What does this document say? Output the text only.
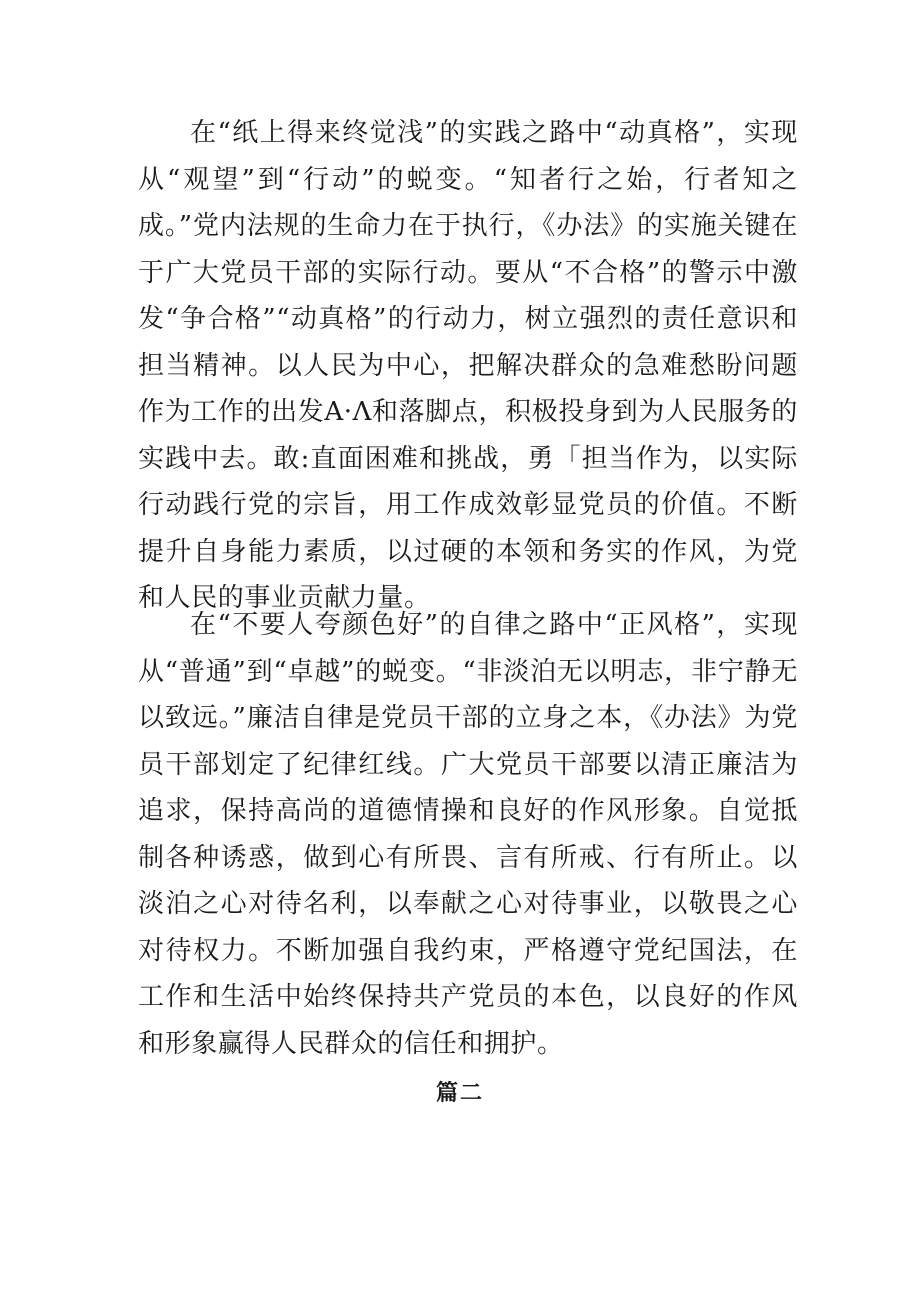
在“纸上得来终觉浅”的实践之路中“动真格”，实现从“观望”到“行动”的蜕变。“知者行之始，行者知之成。”党内法规的生命力在于执行，《办法》的实施关键在于广大党员干部的实际行动。要从“不合格”的警示中激发“争合格”“动真格”的行动力，树立强烈的责任意识和担当精神。以人民为中心，把解决群众的急难愁盼问题作为工作的出发A·Λ和落脚点，积极投身到为人民服务的实践中去。敢:直面困难和挑战，勇「担当作为，以实际行动践行党的宗旨，用工作成效彰显党员的价值。不断提升自身能力素质，以过硬的本领和务实的作风，为党和人民的事业贡献力量。

在“不要人夸颜色好”的自律之路中“正风格”，实现从“普通”到“卓越”的蜕变。“非淡泊无以明志，非宁静无以致远。”廉洁自律是党员干部的立身之本，《办法》为党员干部划定了纪律红线。广大党员干部要以清正廉洁为追求，保持高尚的道德情操和良好的作风形象。自觉抵制各种诱惑，做到心有所畏、言有所戒、行有所止。以淡泊之心对待名利，以奉献之心对待事业，以敬畏之心对待权力。不断加强自我约束，严格遵守党纪国法，在工作和生活中始终保持共产党员的本色，以良好的作风和形象赢得人民群众的信任和拥护。

篇二
